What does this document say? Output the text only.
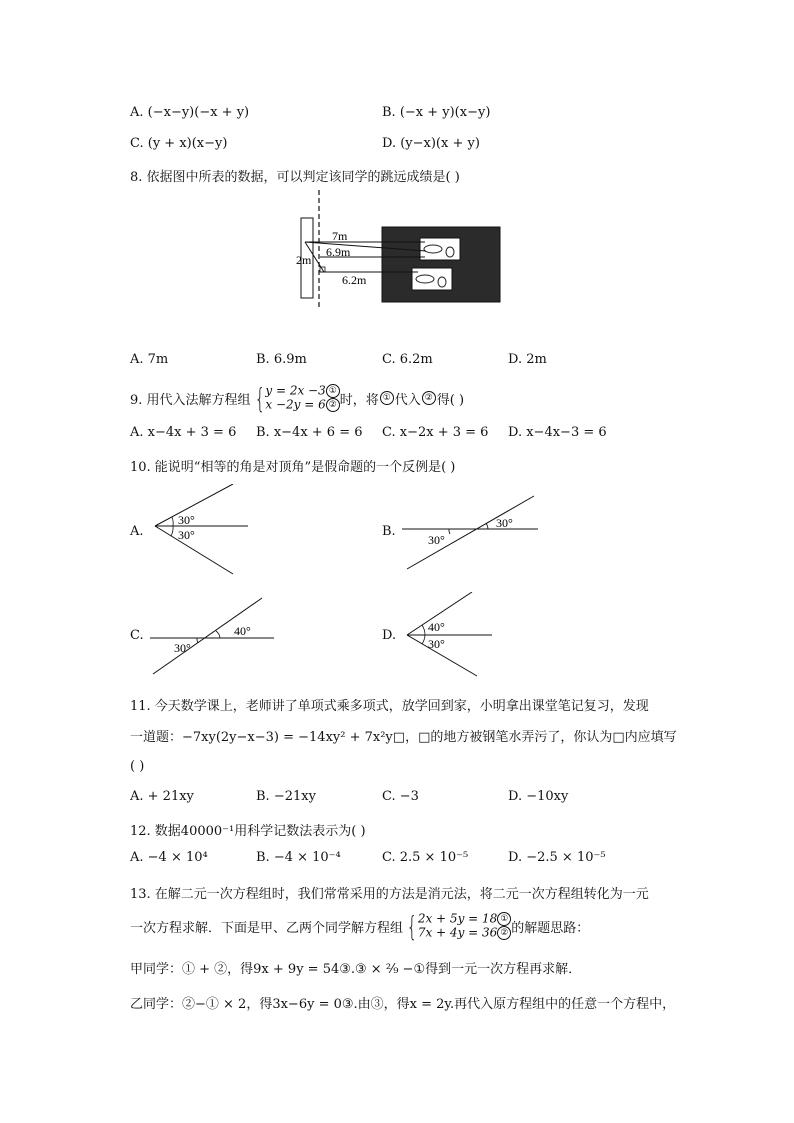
A. (−x−y)(−x + y)	B. (−x + y)(x−y)
C. (y + x)(x−y)	D. (y−x)(x + y)
8. 依据图中所表的数据，可以判定该同学的跳远成绩是( )
7m
6.9m
2m
6.2m
A. 7m	B. 6.9m	C. 6.2m	D. 2m
9. 用代入法解方程组 { y = 2x −3 ①
x −2y = 6 ② 时，将 ① 代入 ② 得( )
A. x−4x + 3 = 6 B. x−4x + 6 = 6 C. x−2x + 3 = 6 D. x−4x−3 = 6
10. 能说明“相等的角是对顶角”是假命题的一个反例是( )
A.
30°
30°	B.
30°
30°
C.	40°
30°
D.
40°
30°
11. 今天数学课上，老师讲了单项式乘多项式，放学回到家，小明拿出课堂笔记复习，发现
一道题：−7xy(2y−x−3) = −14xy² + 7x²y□，□的地方被钢笔水弄污了，你认为□内应填写
( )
A. + 21xy	B. −21xy	C. −3	D. −10xy
12. 数据40000⁻¹用科学记数法表示为( )
A. −4 × 10⁴	B. −4 × 10⁻⁴	C. 2.5 × 10⁻⁵	D. −2.5 × 10⁻⁵
13. 在解二元一次方程组时，我们常常采用的方法是消元法，将二元一次方程组转化为一元
一次方程求解．下面是甲、乙两个同学解方程组 { 2x + 5y = 18 ①
7x + 4y = 36 ② 的解题思路：
甲同学：① + ②，得9x + 9y = 54③.③ × ²⁄₉ −①得到一元一次方程再求解．
乙同学：②−① × 2，得3x−6y = 0③.由③，得x = 2y.再代入原方程组中的任意一个方程中，
